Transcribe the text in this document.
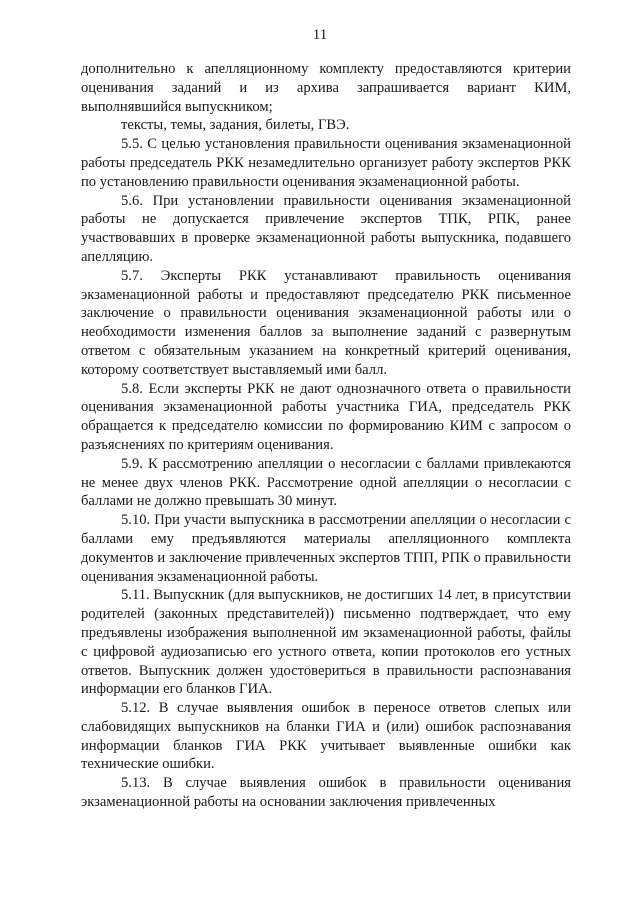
11

дополнительно к апелляционному комплекту предоставляются критерии оценивания заданий и из архива запрашивается вариант КИМ, выполнявшийся выпускником;

тексты, темы, задания, билеты, ГВЭ.

5.5. С целью установления правильности оценивания экзаменационной работы председатель РКК незамедлительно организует работу экспертов РКК по установлению правильности оценивания экзаменационной работы.

5.6. При установлении правильности оценивания экзаменационной работы не допускается привлечение экспертов ТПК, РПК, ранее участвовавших в проверке экзаменационной работы выпускника, подавшего апелляцию.

5.7. Эксперты РКК устанавливают правильность оценивания экзаменационной работы и предоставляют председателю РКК письменное заключение о правильности оценивания экзаменационной работы или о необходимости изменения баллов за выполнение заданий с развернутым ответом с обязательным указанием на конкретный критерий оценивания, которому соответствует выставляемый ими балл.

5.8. Если эксперты РКК не дают однозначного ответа о правильности оценивания экзаменационной работы участника ГИА, председатель РКК обращается к председателю комиссии по формированию КИМ с запросом о разъяснениях по критериям оценивания.

5.9. К рассмотрению апелляции о несогласии с баллами привлекаются не менее двух членов РКК. Рассмотрение одной апелляции о несогласии с баллами не должно превышать 30 минут.

5.10. При участи выпускника в рассмотрении апелляции о несогласии с баллами ему предъявляются материалы апелляционного комплекта документов и заключение привлеченных экспертов ТПП, РПК о правильности оценивания экзаменационной работы.

5.11. Выпускник (для выпускников, не достигших 14 лет, в присутствии родителей (законных представителей)) письменно подтверждает, что ему предъявлены изображения выполненной им экзаменационной работы, файлы с цифровой аудиозаписью его устного ответа, копии протоколов его устных ответов. Выпускник должен удостовериться в правильности распознавания информации его бланков ГИА.

5.12. В случае выявления ошибок в переносе ответов слепых или слабовидящих выпускников на бланки ГИА и (или) ошибок распознавания информации бланков ГИА РКК учитывает выявленные ошибки как технические ошибки.

5.13. В случае выявления ошибок в правильности оценивания экзаменационной работы на основании заключения привлеченных
